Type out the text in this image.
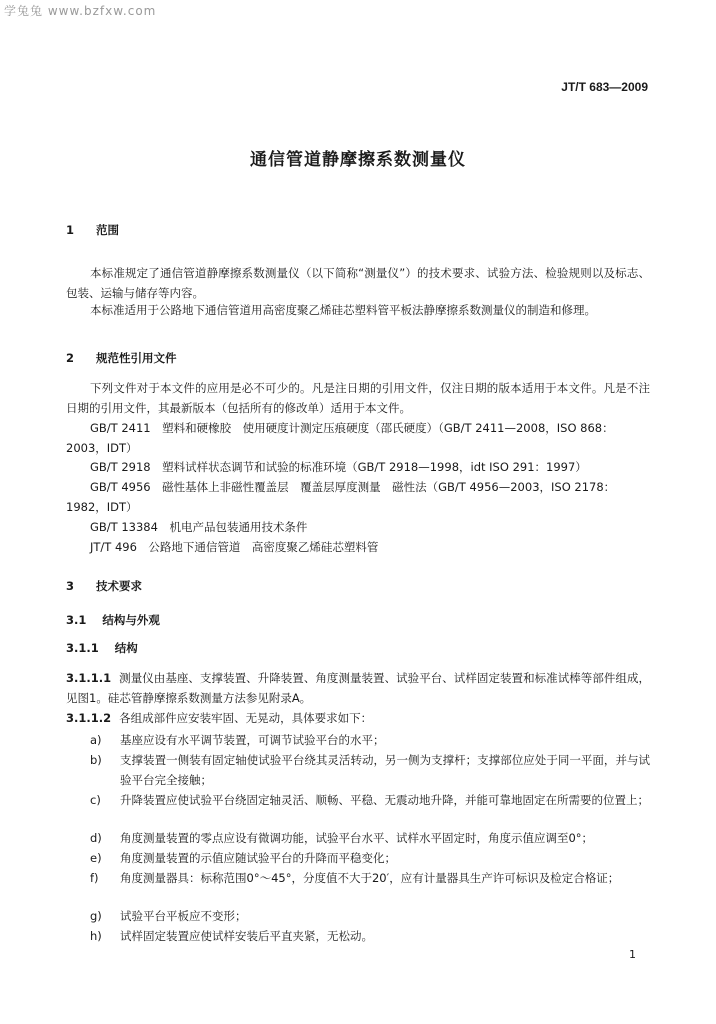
学兔兔 www.bzfxw.com
JT/T 683—2009
通信管道静摩擦系数测量仪
1 范围
本标准规定了通信管道静摩擦系数测量仪（以下简称“测量仪”）的技术要求、试验方法、检验规则以及标志、包装、运输与储存等内容。
本标准适用于公路地下通信管道用高密度聚乙烯硅芯塑料管平板法静摩擦系数测量仪的制造和修理。
2 规范性引用文件
下列文件对于本文件的应用是必不可少的。凡是注日期的引用文件，仅注日期的版本适用于本文件。凡是不注日期的引用文件，其最新版本（包括所有的修改单）适用于本文件。
GB/T 2411　塑料和硬橡胶　使用硬度计测定压痕硬度（邵氏硬度）（GB/T 2411—2008，ISO 868：2003，IDT）
GB/T 2918　塑料试样状态调节和试验的标准环境（GB/T 2918—1998，idt ISO 291：1997）
GB/T 4956　磁性基体上非磁性覆盖层　覆盖层厚度测量　磁性法（GB/T 4956—2003，ISO 2178：1982，IDT）
GB/T 13384　机电产品包装通用技术条件
JT/T 496　公路地下通信管道　高密度聚乙烯硅芯塑料管
3 技术要求
3.1 结构与外观
3.1.1 结构
3.1.1.1 测量仪由基座、支撑装置、升降装置、角度测量装置、试验平台、试样固定装置和标准试棒等部件组成，见图1。硅芯管静摩擦系数测量方法参见附录A。
3.1.1.2 各组成部件应安装牢固、无晃动，具体要求如下：
a) 基座应设有水平调节装置，可调节试验平台的水平；
b) 支撑装置一侧装有固定轴使试验平台绕其灵活转动，另一侧为支撑杆；支撑部位应处于同一平面，并与试验平台完全接触；
c) 升降装置应使试验平台绕固定轴灵活、顺畅、平稳、无震动地升降，并能可靠地固定在所需要的位置上；
d) 角度测量装置的零点应设有微调功能，试验平台水平、试样水平固定时，角度示值应调至0°；
e) 角度测量装置的示值应随试验平台的升降而平稳变化；
f) 角度测量器具：标称范围0°～45°，分度值不大于20′，应有计量器具生产许可标识及检定合格证；
g) 试验平台平板应不变形；
h) 试样固定装置应使试样安装后平直夹紧，无松动。
1
